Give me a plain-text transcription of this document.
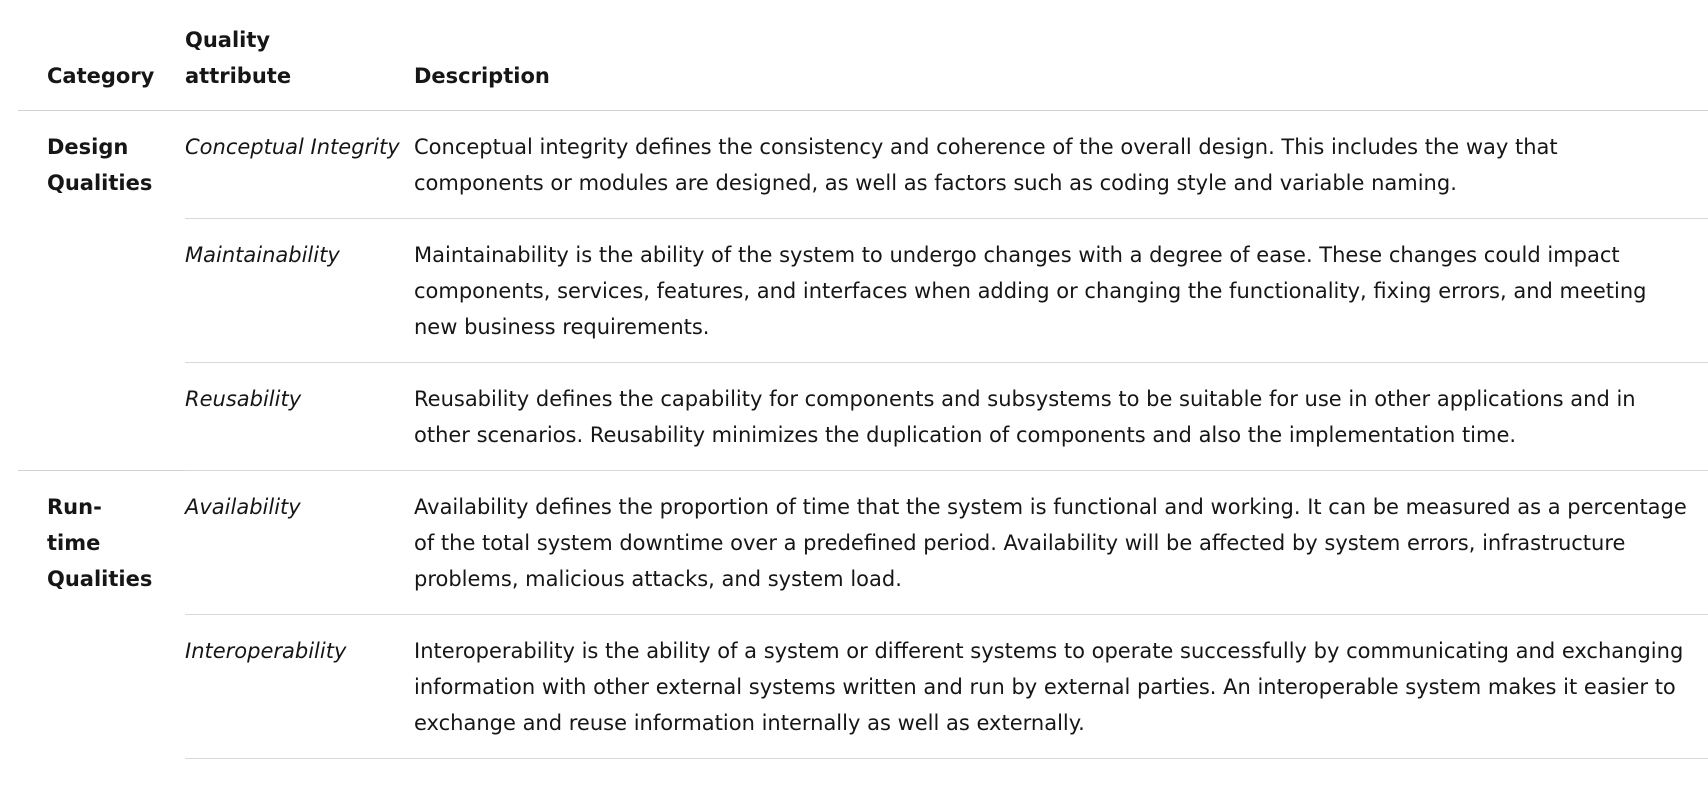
Category	Quality attribute	Description
Design Qualities	Conceptual Integrity	Conceptual integrity defines the consistency and coherence of the overall design. This includes the way that components or modules are designed, as well as factors such as coding style and variable naming.
	Maintainability	Maintainability is the ability of the system to undergo changes with a degree of ease. These changes could impact components, services, features, and interfaces when adding or changing the functionality, fixing errors, and meeting new business requirements.
	Reusability	Reusability defines the capability for components and subsystems to be suitable for use in other applications and in other scenarios. Reusability minimizes the duplication of components and also the implementation time.
Run-time Qualities	Availability	Availability defines the proportion of time that the system is functional and working. It can be measured as a percentage of the total system downtime over a predefined period. Availability will be affected by system errors, infrastructure problems, malicious attacks, and system load.
	Interoperability	Interoperability is the ability of a system or different systems to operate successfully by communicating and exchanging information with other external systems written and run by external parties. An interoperable system makes it easier to exchange and reuse information internally as well as externally.
